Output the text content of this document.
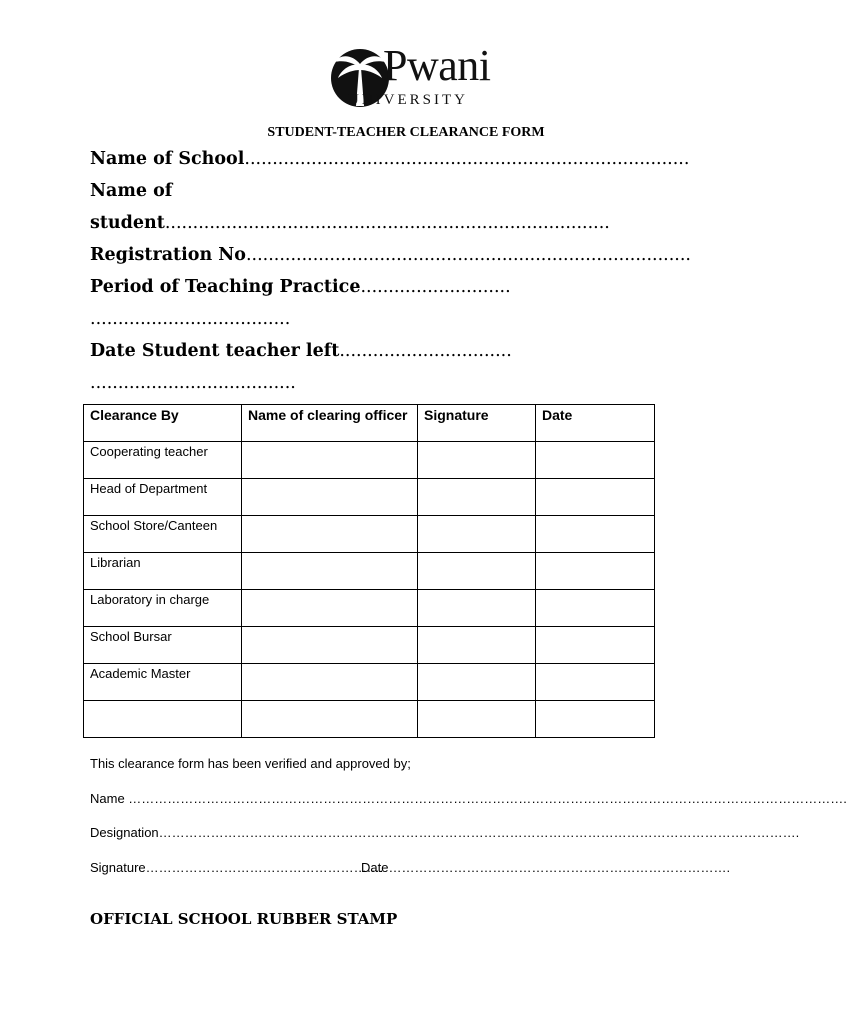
Pwani
UNIVERSITY
STUDENT-TEACHER CLEARANCE FORM
Name of School................................................................................
Name of
student................................................................................
Registration No................................................................................
Period of Teaching Practice...........................
....................................
Date Student teacher left...............................
.....................................
Clearance By	Name of clearing officer	Signature	Date
Cooperating teacher			
Head of Department			
School Store/Canteen			
Librarian			
Laboratory in charge			
School Bursar			
Academic Master			

This clearance form has been verified and approved by;
Name ………………………………………………………………………………………………………………………………………………….
Designation………………………………………………………………………………………………………………………………….
Signature……………………………………………….
Date…………………………………………………………………….
OFFICIAL SCHOOL RUBBER STAMP
